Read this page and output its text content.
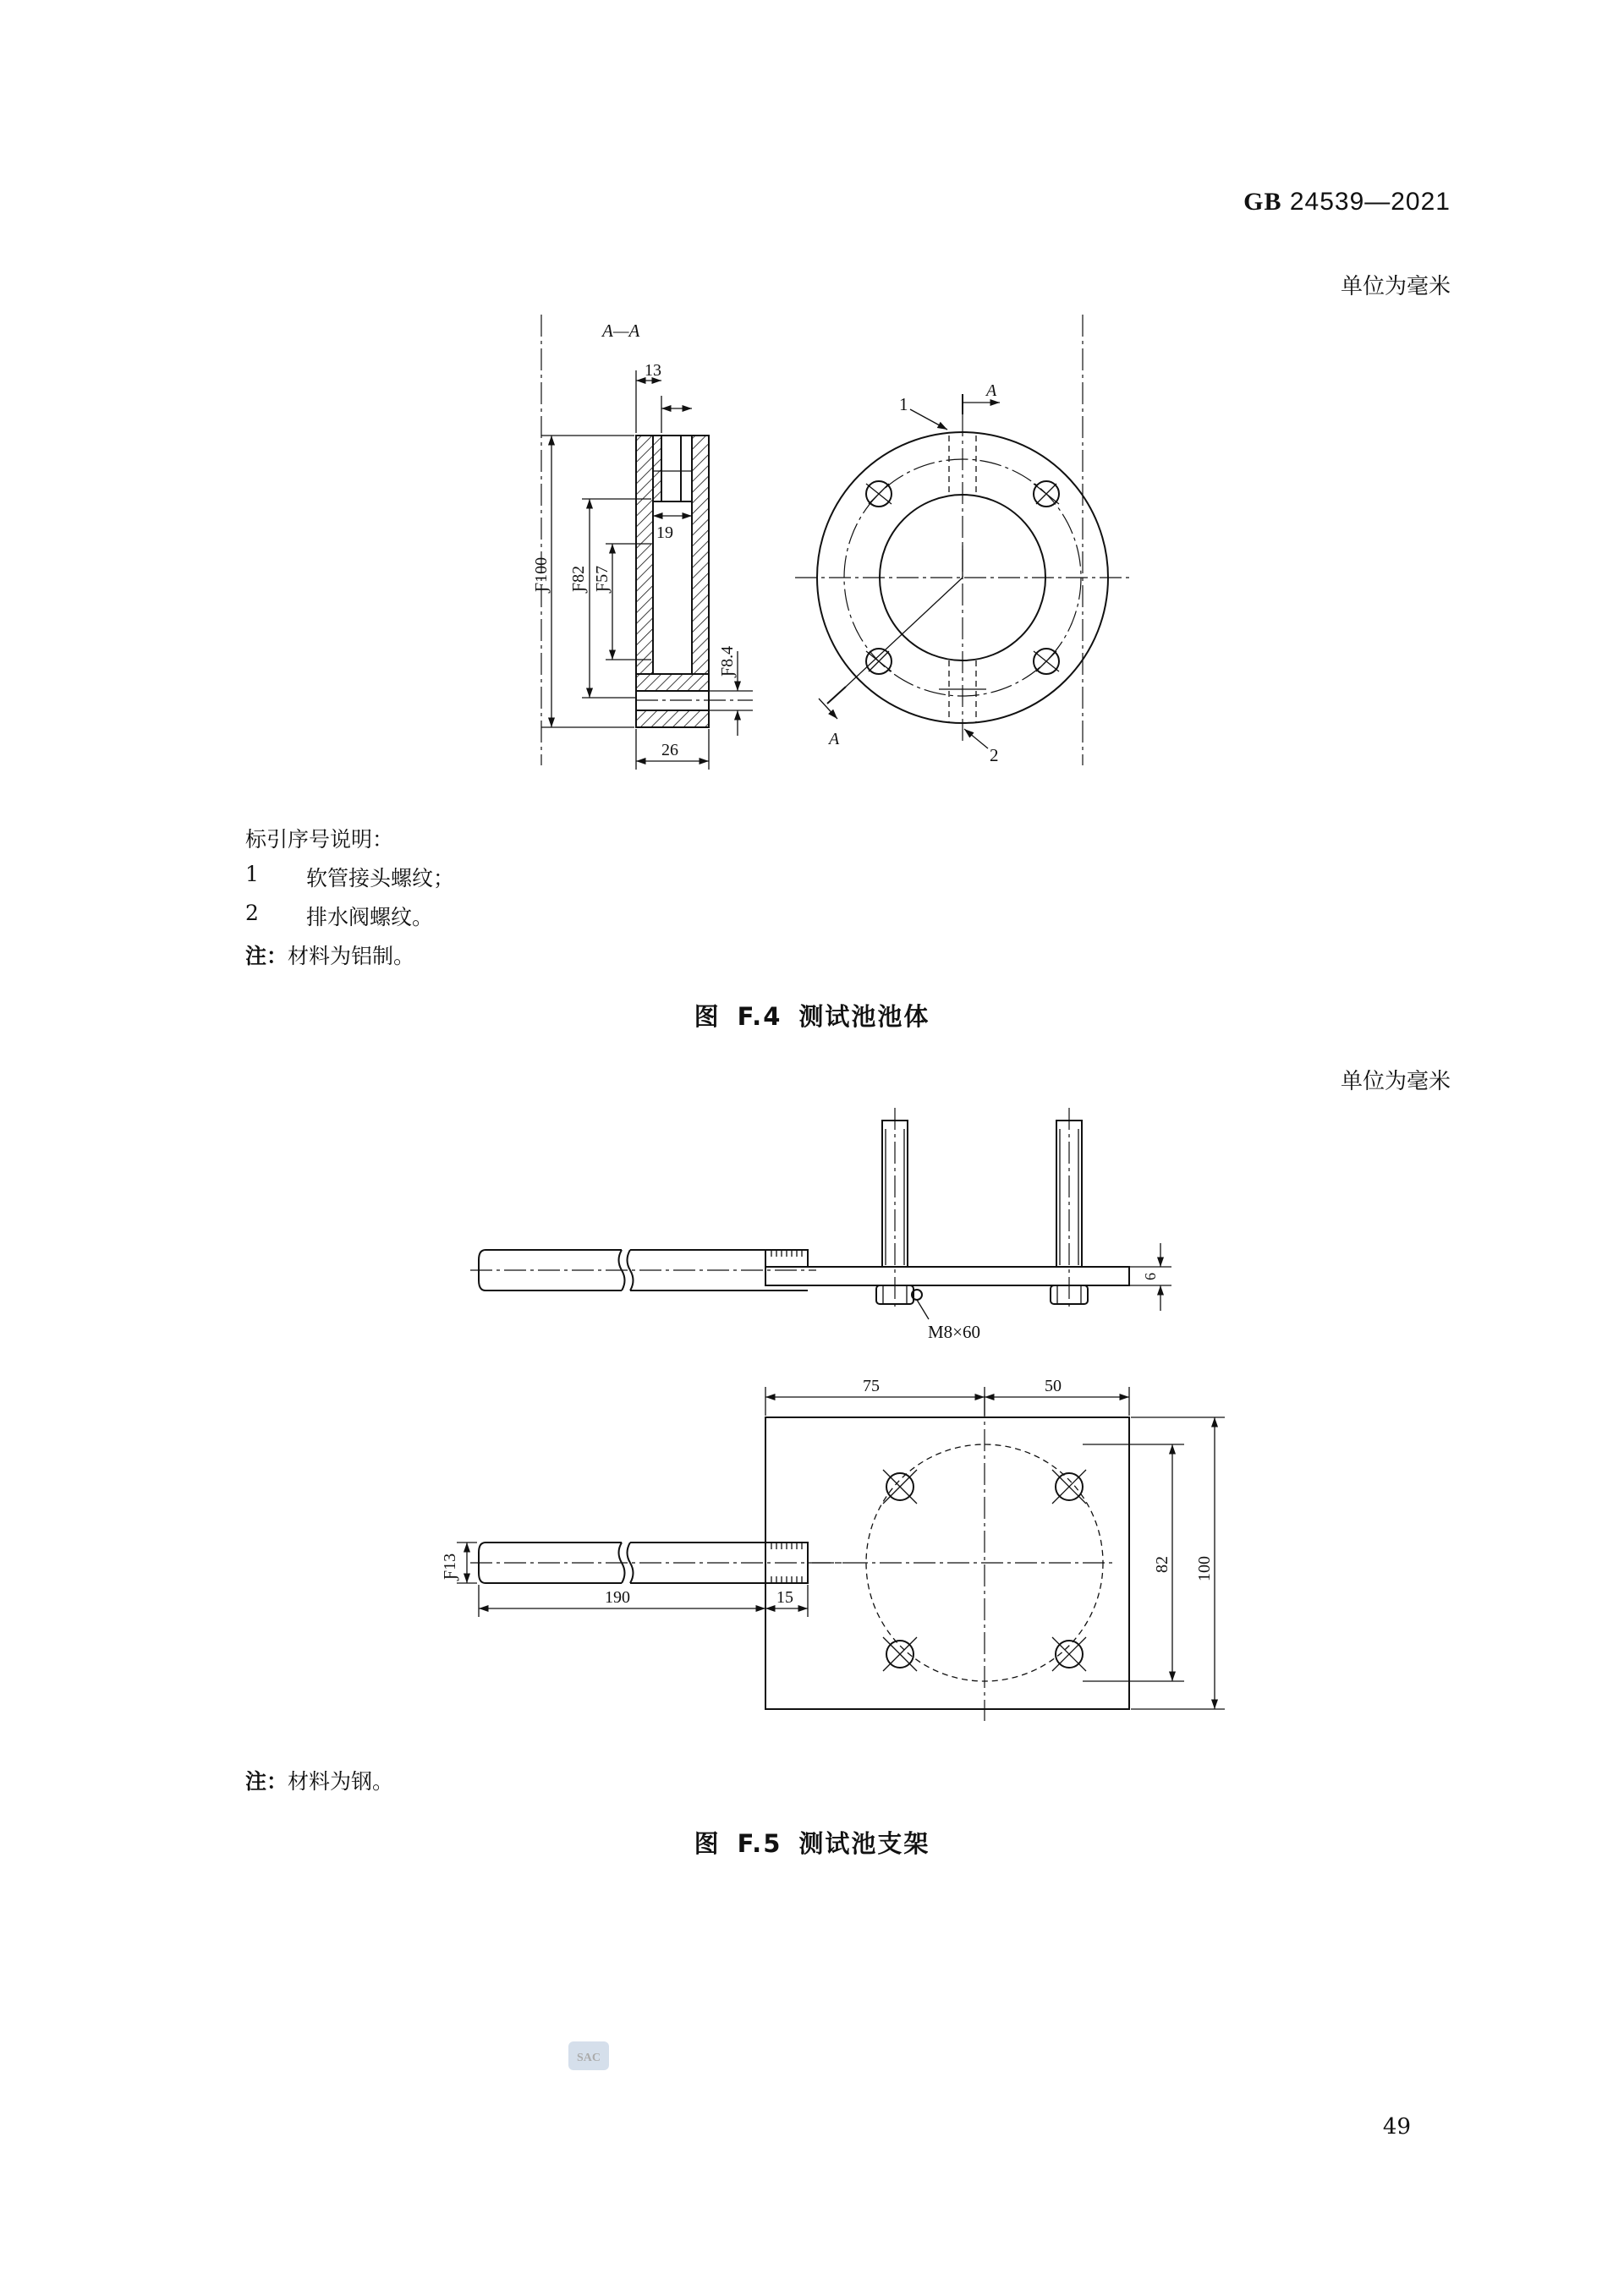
GB 24539—2021
单位为毫米
A—A
13
19
Ƒ100 Ƒ82 Ƒ57
Ƒ8.4
26
A
A
1
2
M8×60
6
75	50
82 100
Ƒ13
190	15
标引序号说明：
1 软管接头螺纹；
2 排水阀螺纹。
注：材料为铝制。
图 F.4 测试池池体
单位为毫米
注：材料为钢。
图 F.5 测试池支架
SAC
49
